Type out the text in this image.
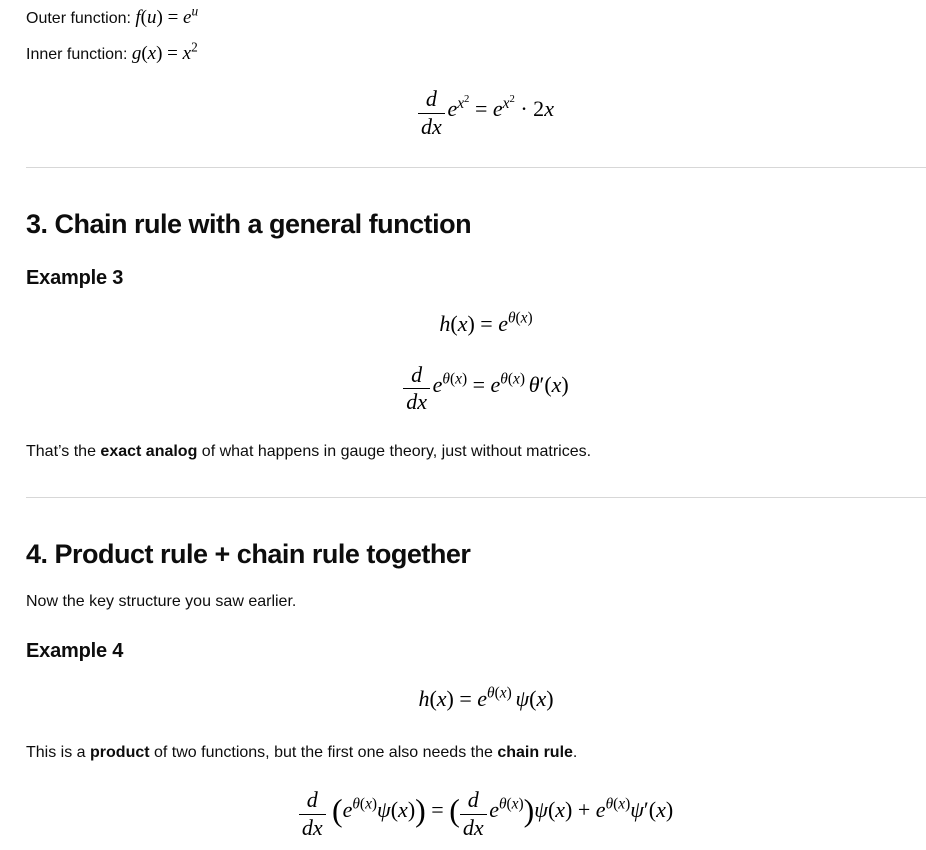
Outer function: $f(u) = e^u$
Inner function: $g(x) = x^2$
$\frac{d}{dx} e^{x^2} = e^{x^2} \cdot 2x$
3. Chain rule with a general function
Example 3
$h(x) = e^{\theta(x)}$
$\frac{d}{dx} e^{\theta(x)} = e^{\theta(x)}$ θ′(x)

That’s the exact analog of what happens in gauge theory, just without matrices.

4. Product rule + chain rule together

Now the key structure you saw earlier.

Example 4
$h(x) = e^{\theta(x)}$ ψ(x)

This is a product of two functions, but the first one also needs the chain rule.

$\frac{d}{dx} (e^{\theta(x)}\psi(x))$ = ( $\frac{d}{dx} e^{\theta(x)})\psi(x) + e^{\theta(x)}\psi'(x)$
